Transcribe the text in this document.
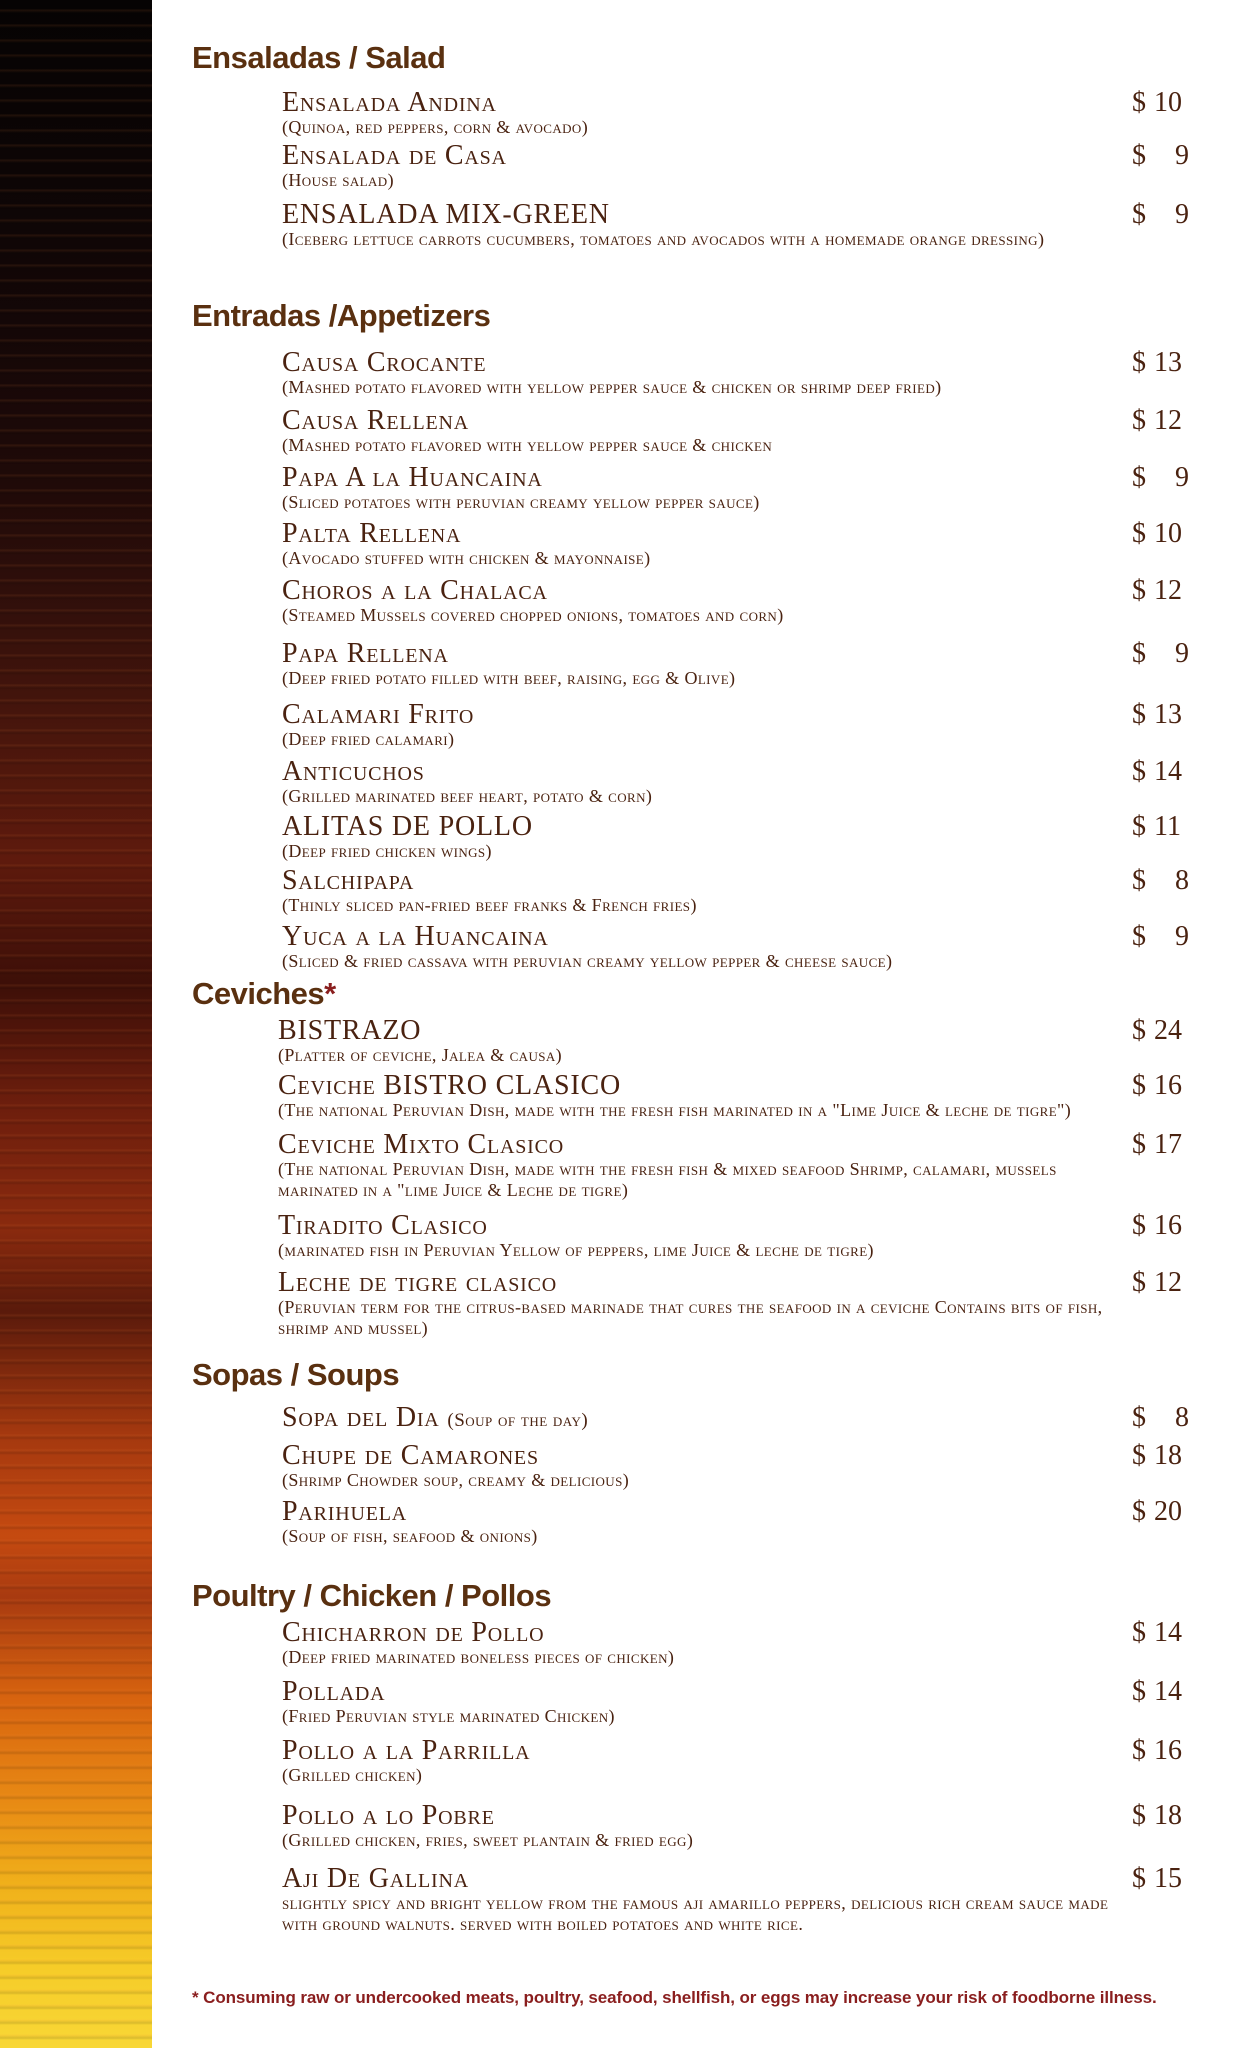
Ensaladas / Salad
Entradas /Appetizers
Ceviches*
Sopas / Soups
Poultry / Chicken / Pollos
Ensalada Andina
(Quinoa, red peppers, corn & avocado)
$ 10
Ensalada de Casa
(House salad)
$ 9
ENSALADA MIX-GREEN
(Iceberg lettuce carrots cucumbers, tomatoes and avocados with a homemade orange dressing)
$ 9
Causa Crocante
(Mashed potato flavored with yellow pepper sauce & chicken or shrimp deep fried)
$ 13
Causa Rellena
(Mashed potato flavored with yellow pepper sauce & chicken
$ 12
Papa A la Huancaina
(Sliced potatoes with peruvian creamy yellow pepper sauce)
$ 9
Palta Rellena
(Avocado stuffed with chicken & mayonnaise)
$ 10
Choros a la Chalaca
(Steamed Mussels covered chopped onions, tomatoes and corn)
$ 12
Papa Rellena
(Deep fried potato filled with beef, raising, egg & Olive)
$ 9
Calamari Frito
(Deep fried calamari)
$ 13
Anticuchos
(Grilled marinated beef heart, potato & corn)
$ 14
ALITAS DE POLLO
(Deep fried chicken wings)
$ 11
Salchipapa
(Thinly sliced pan-fried beef franks & French fries)
$ 8
Yuca a la Huancaina
(Sliced & fried cassava with peruvian creamy yellow pepper & cheese sauce)
$ 9
BISTRAZO
(Platter of ceviche, Jalea & causa)
$ 24
Ceviche BISTRO CLASICO
(The national Peruvian Dish, made with the fresh fish marinated in a "Lime Juice & leche de tigre")
$ 16
Ceviche Mixto Clasico
(The national Peruvian Dish, made with the fresh fish & mixed seafood Shrimp, calamari, mussels marinated in a "lime Juice & Leche de tigre)
$ 17
Tiradito Clasico
(marinated fish in Peruvian Yellow of peppers, lime Juice & leche de tigre)
$ 16
Leche de tigre clasico
(Peruvian term for the citrus-based marinade that cures the seafood in a ceviche Contains bits of fish, shrimp and mussel)
$ 12
Sopa del Dia (Soup of the day)	$ 8
Chupe de Camarones
(Shrimp Chowder soup, creamy & delicious)
$ 18
Parihuela
(Soup of fish, seafood & onions)
$ 20
Chicharron de Pollo
(Deep fried marinated boneless pieces of chicken)
$ 14
Pollada
(Fried Peruvian style marinated Chicken)
$ 14
Pollo a la Parrilla
(Grilled chicken)
$ 16
Pollo a lo Pobre
(Grilled chicken, fries, sweet plantain & fried egg)
$ 18
Aji De Gallina
slightly spicy and bright yellow from the famous aji amarillo peppers, delicious rich cream sauce made with ground walnuts. served with boiled potatoes and white rice.
$ 15
* Consuming raw or undercooked meats, poultry, seafood, shellfish, or eggs may increase your risk of foodborne illness.
